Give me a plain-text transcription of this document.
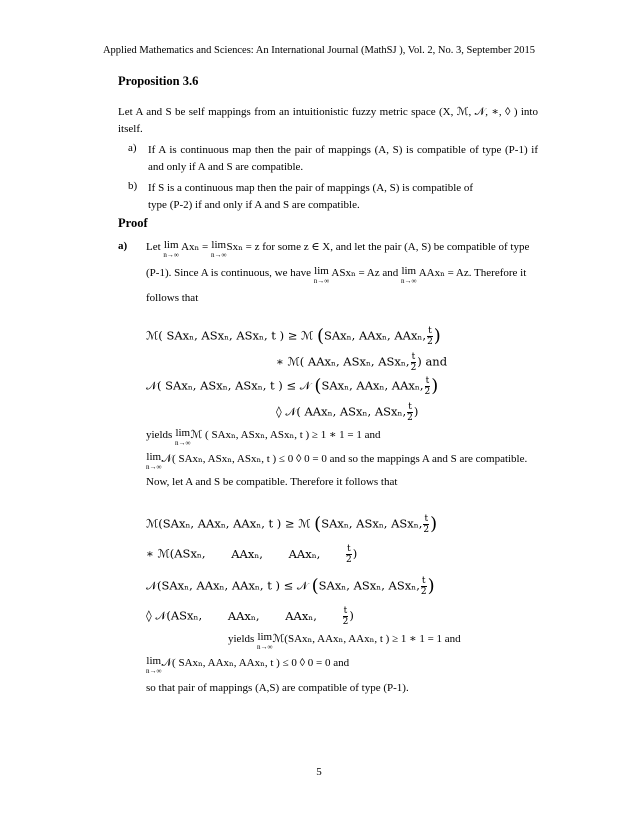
Applied Mathematics and Sciences: An International Journal (MathSJ ), Vol. 2, No. 3, September 2015
Proposition 3.6
Let A and S be self mappings from an intuitionistic fuzzy metric space (X, ℳ, 𝒩, ∗, ◊ ) into itself.
a) If A is continuous map then the pair of mappings (A, S) is compatible of type (P-1) if and only if A and S are compatible.
b) If S is a continuous map then the pair of mappings (A, S) is compatible of
type (P-2) if and only if A and S are compatible.
Proof
a) Let lim
n→∞
Axₙ = lim
n→∞
Sxₙ = z for some z ∈ X, and let the pair (A, S) be compatible of type
(P-1). Since A is continuous, we have lim
n→∞
ASxₙ = Az and lim
n→∞
AAxₙ = Az. Therefore it
follows that
ℳ( SAxₙ, ASxₙ, ASxₙ, t ) ≥ ℳ (SAxₙ, AAxₙ, AAxₙ, $\frac{t}{2}$ )
∗ ℳ( AAxₙ, ASxₙ, ASxₙ, $\frac{t}{2}$ ) and
𝒩( SAxₙ, ASxₙ, ASxₙ, t ) ≤ 𝒩 (SAxₙ, AAxₙ, AAxₙ, $\frac{t}{2}$ )
◊ 𝒩( AAxₙ, ASxₙ, ASxₙ, $\frac{t}{2}$ )
yields lim
n→∞
ℳ ( SAxₙ, ASxₙ, ASxₙ, t ) ≥ 1 ∗ 1 = 1 and
lim
n→∞
𝒩( SAxₙ, ASxₙ, ASxₙ, t ) ≤ 0 ◊ 0 = 0 and so the mappings A and S are compatible.
Now, let A and S be compatible. Therefore it follows that
ℳ(SAxₙ, AAxₙ, AAxₙ, t ) ≥ ℳ (SAxₙ, ASxₙ, ASxₙ, $\frac{t}{2}$ )
∗ ℳ(ASxₙ, AAxₙ, AAxₙ,	$\frac{t}{2}$ )
𝒩(SAxₙ, AAxₙ, AAxₙ, t ) ≤ 𝒩 (SAxₙ, ASxₙ, ASxₙ, $\frac{t}{2}$ )
◊ 𝒩(ASxₙ, AAxₙ, AAxₙ,	$\frac{t}{2}$ )
yields lim
n→∞
ℳ(SAxₙ, AAxₙ, AAxₙ, t ) ≥ 1 ∗ 1 = 1 and
lim
n→∞
𝒩( SAxₙ, AAxₙ, AAxₙ, t ) ≤ 0 ◊ 0 = 0 and
so that pair of mappings (A,S) are compatible of type (P-1).
5
